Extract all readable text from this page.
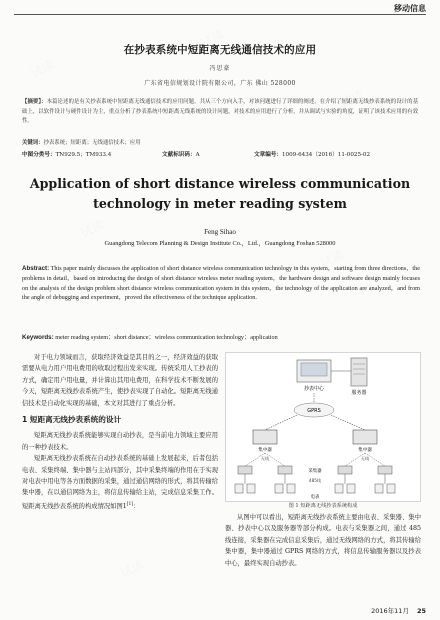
移动信息
在抄表系统中短距离无线通信技术的应用
冯思豪
广东省电信规划设计院有限公司，广东 佛山 528000
【摘要】：本篇论述的是有关抄表系统中短距离无线通信技术的应用问题，共从三个方向入手，对该问题进行了详细的阐述。在介绍了短距离无线抄表系统的设计的基础上，以软件设计与硬件设计为主，重点分析了抄表系统中短距离无线系统的设计问题，对技术的应用进行了分析，并从调试与实验的角度，证明了该技术应用的有效性。
关键词：抄表系统；短距离；无线通信技术；应用
中图分类号：TN929.5；TM933.4	文献标识码：A	文章编号：1009-6434（2016）11-0025-02
Application of short distance wireless communication technology in meter reading system
Feng Sihao
Guangdong Telecom Planning & Design Institute Co.，Ltd.，Guangdong Foshan 528000
Abstract: This paper mainly discusses the application of short distance wireless communication technology in this system，starting from three directions，the problems in detail，based on introducing the design of short distance wireless meter reading system，the hardware design and software design mainly focuses on the analysis of the design problem short distance wireless communication system in this system，the technology of the application are analyzed，and from the angle of debugging and experiment，proved the effectiveness of the technique application.
Keywords: meter reading system；short distance；wireless communication technology；application

对于电力领域而言，获取经济效益是其目的之一，经济效益的获取需要从电力用户用电费用的收取过程出发来实现。传统采用人工抄表的方式，确定用户用电量，并计算出其用电费用，在科学技术不断发展的今天，短距离无线抄表系统产生，使抄表实现了自动化。短距离无线通信技术是自动化实现的基础，本文对其进行了重点分析。

1 短距离无线抄表系统的设计

短距离无线抄表系统能够实现自动抄表，是当前电力领域主要应用的一种抄表技术。

短距离无线抄表系统在自动抄表系统的基础上发展起来，后者包括电表、采集终端、集中器与主站四部分，其中采集终端的作用在于实现对电表中用电等各方面数据的采集，通过通信网络的形式，将其传输给集中器，在以通信网络为主，将信息传输给主站，完成信息采集工作。短距离无线抄表系统的构成情况如图1[1]：

抄表中心
服务器
GPRS
集中器	集中器
无线	无线
采集器
485线
电表
图 1 短距离无线抄表系统构成

从图中可以看出，短距离无线抄表系统主要由电表、采集器、集中器、抄表中心以及服务器等部分构成。电表与采集器之间，通过 485 线连接，采集器在完成信息采集后，通过无线网络的方式，将其传输给集中器，集中器通过 GPRS 网络的方式，将信息传输服务器以及抄表中心，最终实现自动抄表。

2016年11月 25
